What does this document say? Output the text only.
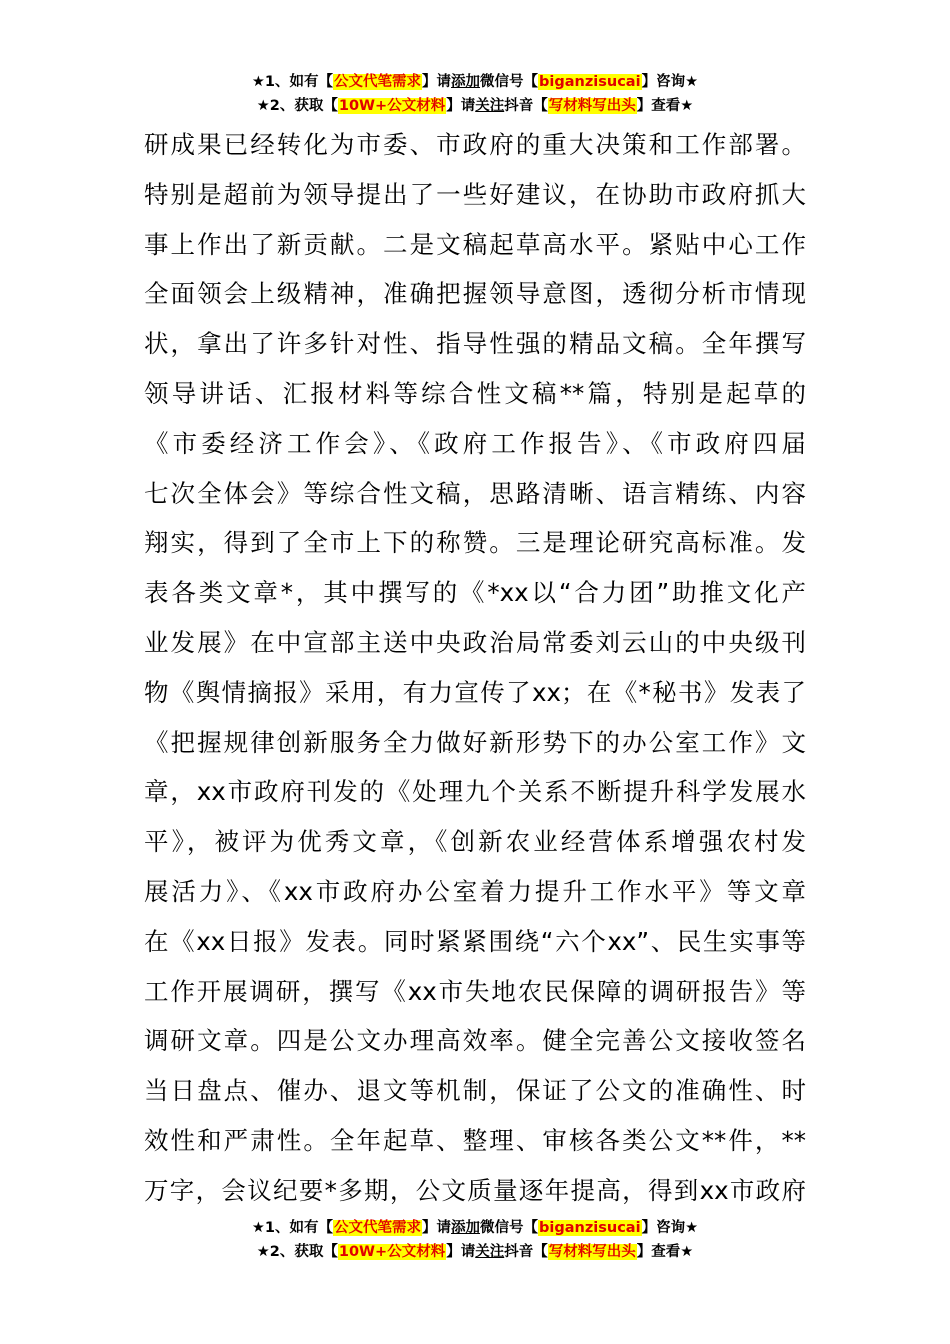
★1、如有【公文代笔需求】请添加微信号【biganzisucai】咨询★
★2、获取【10W+公文材料】请关注抖音【写材料写出头】查看★
研成果已经转化为市委、市政府的重大决策和工作部署。
特别是超前为领导提出了一些好建议，在协助市政府抓大
事上作出了新贡献。二是文稿起草高水平。紧贴中心工作
全面领会上级精神，准确把握领导意图，透彻分析市情现
状，拿出了许多针对性、指导性强的精品文稿。全年撰写
领导讲话、汇报材料等综合性文稿**篇，特别是起草的
《市委经济工作会》、《政府工作报告》、《市政府四届
七次全体会》等综合性文稿，思路清晰、语言精练、内容
翔实，得到了全市上下的称赞。三是理论研究高标准。发
表各类文章*，其中撰写的《*xx以“合力团”助推文化产
业发展》在中宣部主送中央政治局常委刘云山的中央级刊
物《舆情摘报》采用，有力宣传了xx；在《*秘书》发表了
《把握规律创新服务全力做好新形势下的办公室工作》文
章，xx市政府刊发的《处理九个关系不断提升科学发展水
平》，被评为优秀文章，《创新农业经营体系增强农村发
展活力》、《xx市政府办公室着力提升工作水平》等文章
在《xx日报》发表。同时紧紧围绕“六个xx”、民生实事等
工作开展调研，撰写《xx市失地农民保障的调研报告》等
调研文章。四是公文办理高效率。健全完善公文接收签名
当日盘点、催办、退文等机制，保证了公文的准确性、时
效性和严肃性。全年起草、整理、审核各类公文**件，**
万字，会议纪要*多期，公文质量逐年提高，得到xx市政府
★1、如有【公文代笔需求】请添加微信号【biganzisucai】咨询★
★2、获取【10W+公文材料】请关注抖音【写材料写出头】查看★
